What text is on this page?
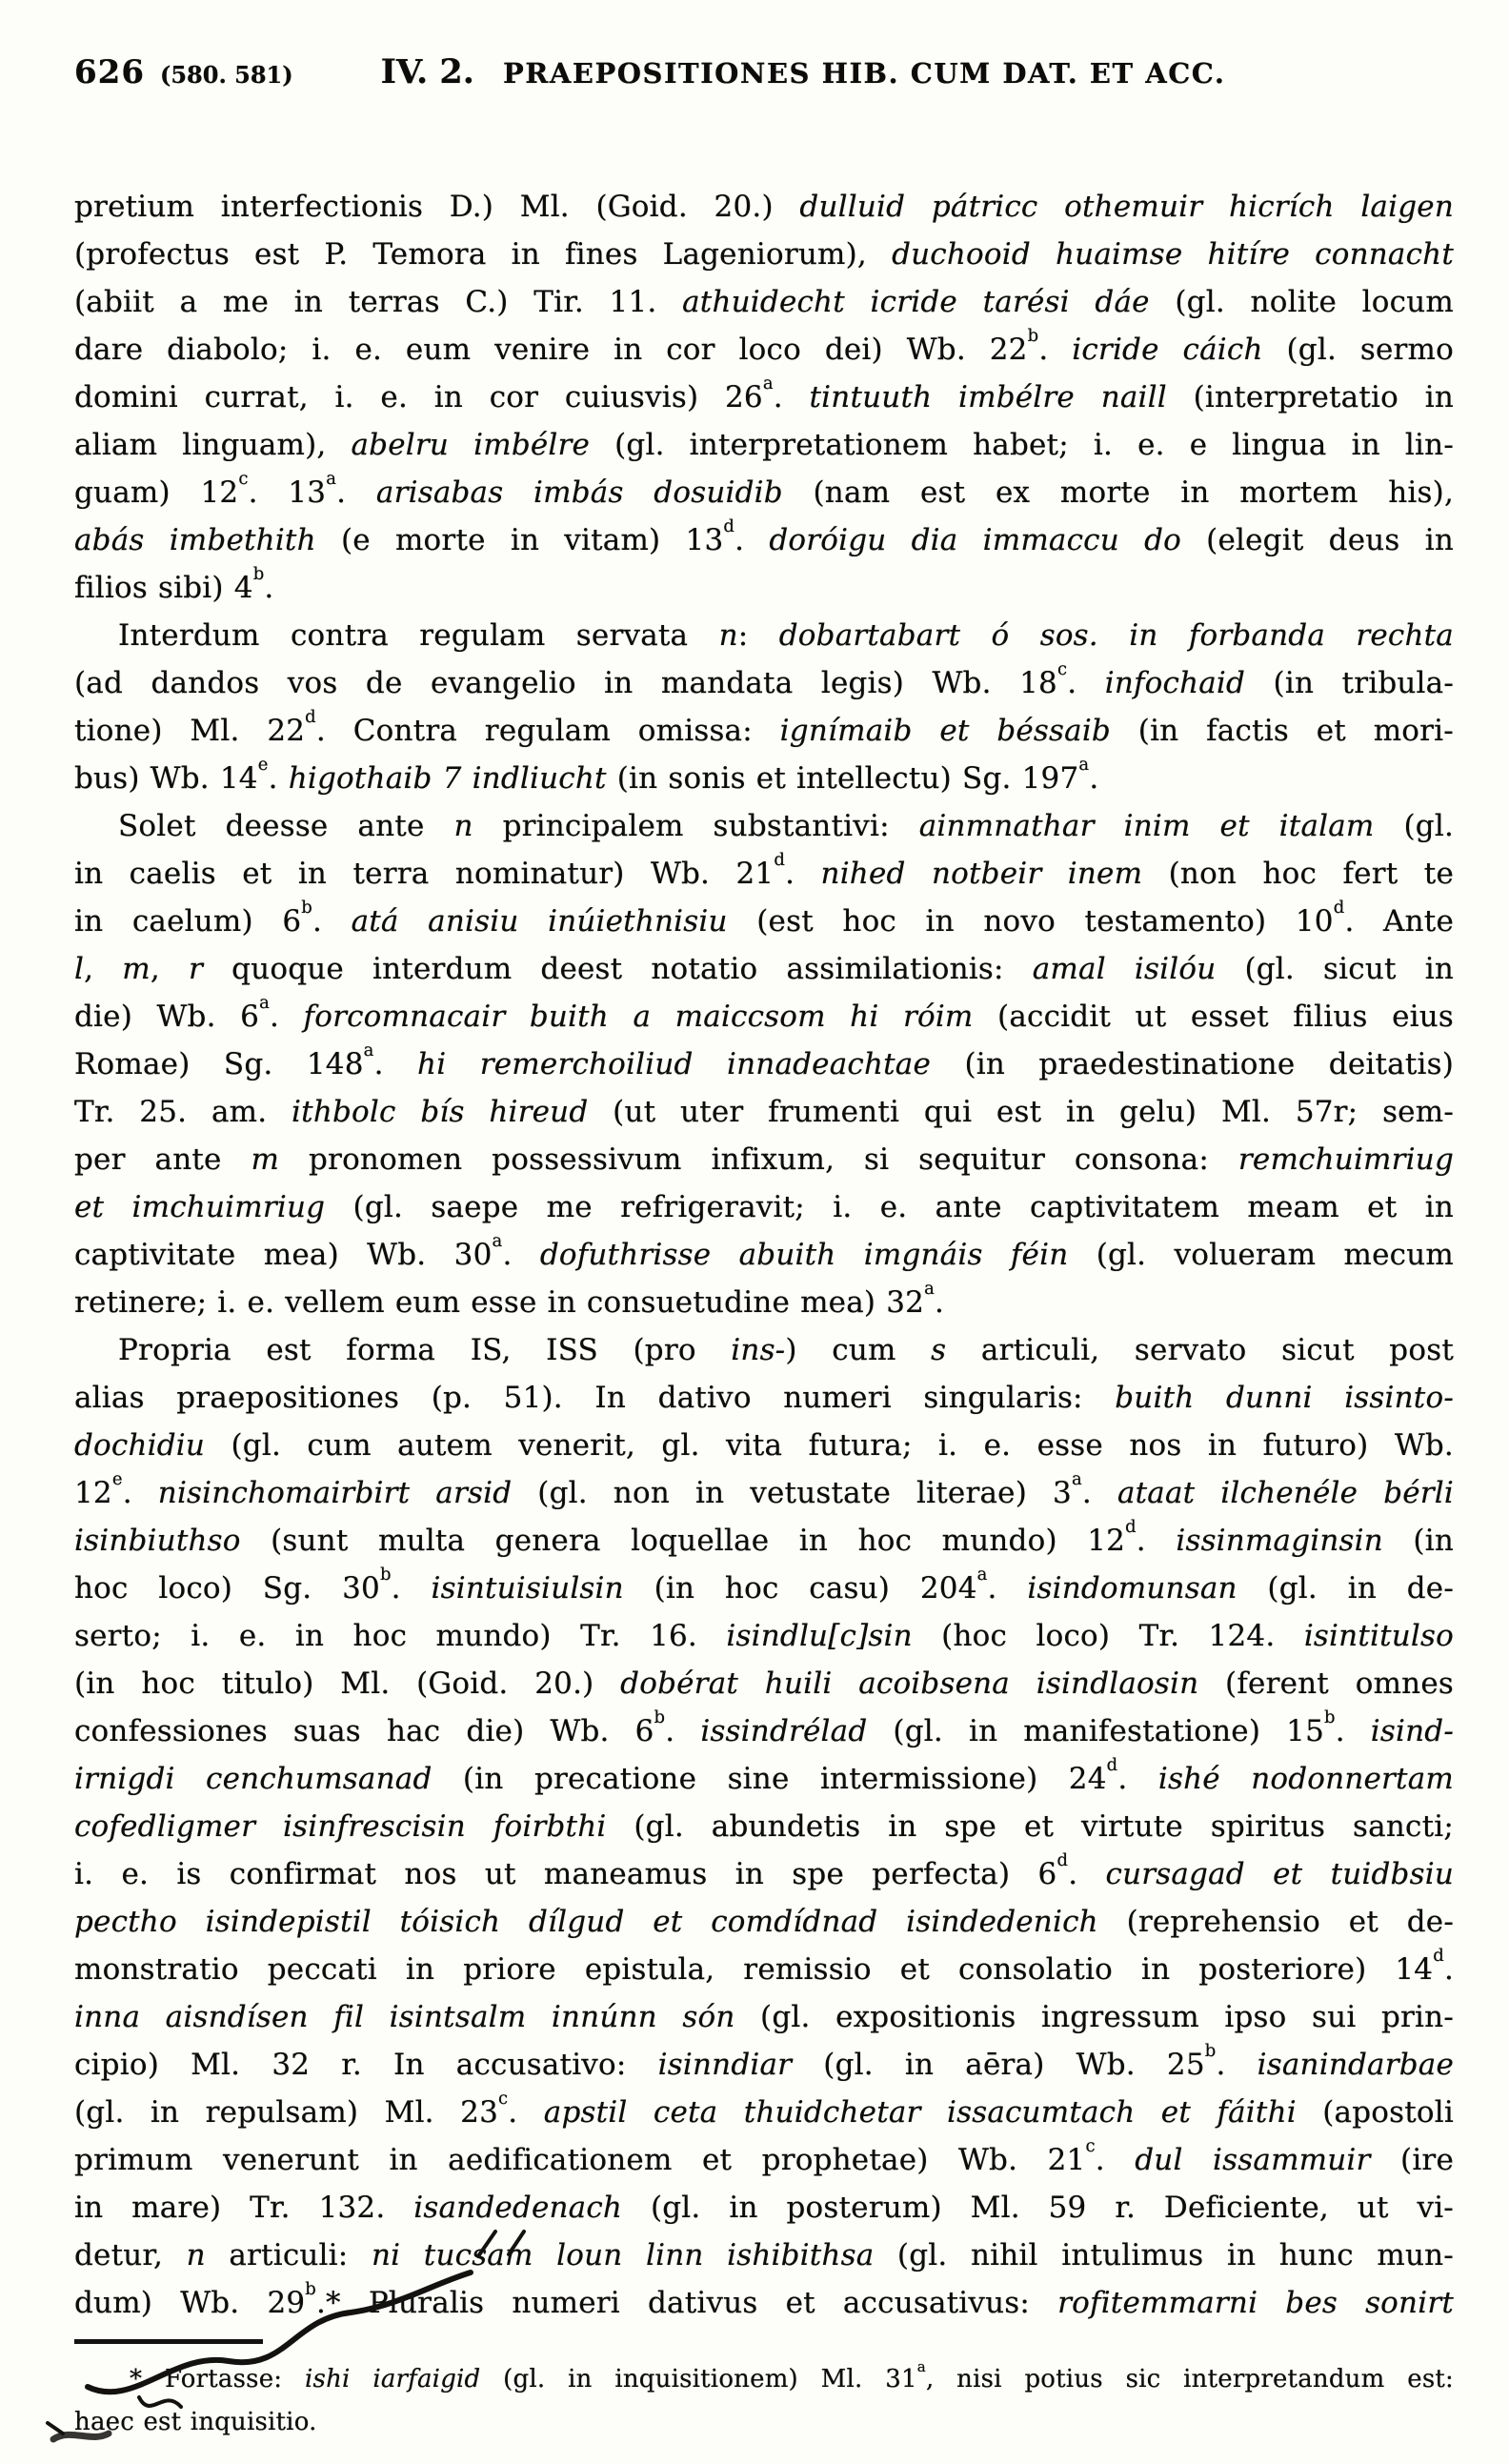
626 (580. 581)	IV. 2. PRAEPOSITIONES HIB. CUM DAT. ET ACC.
pretium interfectionis D.) Ml. (Goid. 20.) dulluid pátricc othemuir hicrích laigen
(profectus est P. Temora in fines Lageniorum), duchooid huaimse hitíre connacht
(abiit a me in terras C.) Tir. 11. athuidecht icride tarési dáe (gl. nolite locum
dare diabolo; i. e. eum venire in cor loco dei) Wb. 22$^b$. icride cáich (gl. sermo
domini currat, i. e. in cor cuiusvis) 26$^a$. tintuuth imbélre naill (interpretatio in
aliam linguam), abelru imbélre (gl. interpretationem habet; i. e. e lingua in lin-
guam) 12$^c$. 13$^a$. arisabas imbás dosuidib (nam est ex morte in mortem his),
abás imbethith (e morte in vitam) 13$^d$. doróigu dia immaccu do (elegit deus in
filios sibi) 4$^b$.
Interdum contra regulam servata n: dobartabart ó sos. in forbanda rechta
(ad dandos vos de evangelio in mandata legis) Wb. 18$^c$. infochaid (in tribula-
tione) Ml. 22$^d$. Contra regulam omissa: ignímaib et béssaib (in factis et mori-
bus) Wb. 14e. higothaib 7 indliucht (in sonis et intellectu) Sg. 197$^a$.
Solet deesse ante n principalem substantivi: ainmnathar inim et italam (gl.
in caelis et in terra nominatur) Wb. 21$^d$. nihed notbeir inem (non hoc fert te
in caelum) 6$^b$. atá anisiu inúiethnisiu (est hoc in novo testamento) 10$^d$. Ante
l, m, r quoque interdum deest notatio assimilationis: amal isilóu (gl. sicut in
die) Wb. 6$^a$. forcomnacair buith a maiccsom hi róim (accidit ut esset filius eius
Romae) Sg. 148$^a$. hi remerchoiliud innadeachtae (in praedestinatione deitatis)
Tr. 25. am. ithbolc bís hireud (ut uter frumenti qui est in gelu) Ml. 57r; sem-
per ante m pronomen possessivum infixum, si sequitur consona: remchuimriug
et imchuimriug (gl. saepe me refrigeravit; i. e. ante captivitatem meam et in
captivitate mea) Wb. 30$^a$. dofuthrisse abuith imgnáis féin (gl. volueram mecum
retinere; i. e. vellem eum esse in consuetudine mea) 32$^a$.
Propria est forma IS, ISS (pro ins-) cum s articuli, servato sicut post
alias praepositiones (p. 51). In dativo numeri singularis: buith dunni issinto-
dochidiu (gl. cum autem venerit, gl. vita futura; i. e. esse nos in futuro) Wb.
12e. nisinchomairbirt arsid (gl. non in vetustate literae) 3$^a$. ataat ilchenéle bérli
isinbiuthso (sunt multa genera loquellae in hoc mundo) 12$^d$. issinmaginsin (in
hoc loco) Sg. 30$^b$. isintuisiulsin (in hoc casu) 204$^a$. isindomunsan (gl. in de-
serto; i. e. in hoc mundo) Tr. 16. isindlu[c]sin (hoc loco) Tr. 124. isintitulso
(in hoc titulo) Ml. (Goid. 20.) dobérat huili acoibsena isindlaosin (ferent omnes
confessiones suas hac die) Wb. 6$^b$. issindrélad (gl. in manifestatione) 15$^b$. isind-
irnigdi cenchumsanad (in precatione sine intermissione) 24$^d$. ishé nodonnertam
cofedligmer isinfrescisin foirbthi (gl. abundetis in spe et virtute spiritus sancti;
i. e. is confirmat nos ut maneamus in spe perfecta) 6$^d$. cursagad et tuidbsiu
pectho isindepistil tóisich dílgud et comdídnad isindedenich (reprehensio et de-
monstratio peccati in priore epistula, remissio et consolatio in posteriore) 14$^d$.
inna aisndísen fil isintsalm innúnn són (gl. expositionis ingressum ipso sui prin-
cipio) Ml. 32 r. In accusativo: isinndiar (gl. in aēra) Wb. 25$^b$. isanindarbae
(gl. in repulsam) Ml. 23$^c$. apstil ceta thuidchetar issacumtach et fáithi (apostoli
primum venerunt in aedificationem et prophetae) Wb. 21$^c$. dul issammuir (ire
in mare) Tr. 132. isandedenach (gl. in posterum) Ml. 59 r. Deficiente, ut vi-
detur, n articuli: ni tucsam loun linn ishibithsa (gl. nihil intulimus in hunc mun-
dum) Wb. 29$^b$.* Pluralis numeri dativus et accusativus: rofitemmarni bes sonirt
* Fortasse: ishi iarfaigid (gl. in inquisitionem) Ml. 31$^a$, nisi potius sic interpretandum est:
haec est inquisitio.
